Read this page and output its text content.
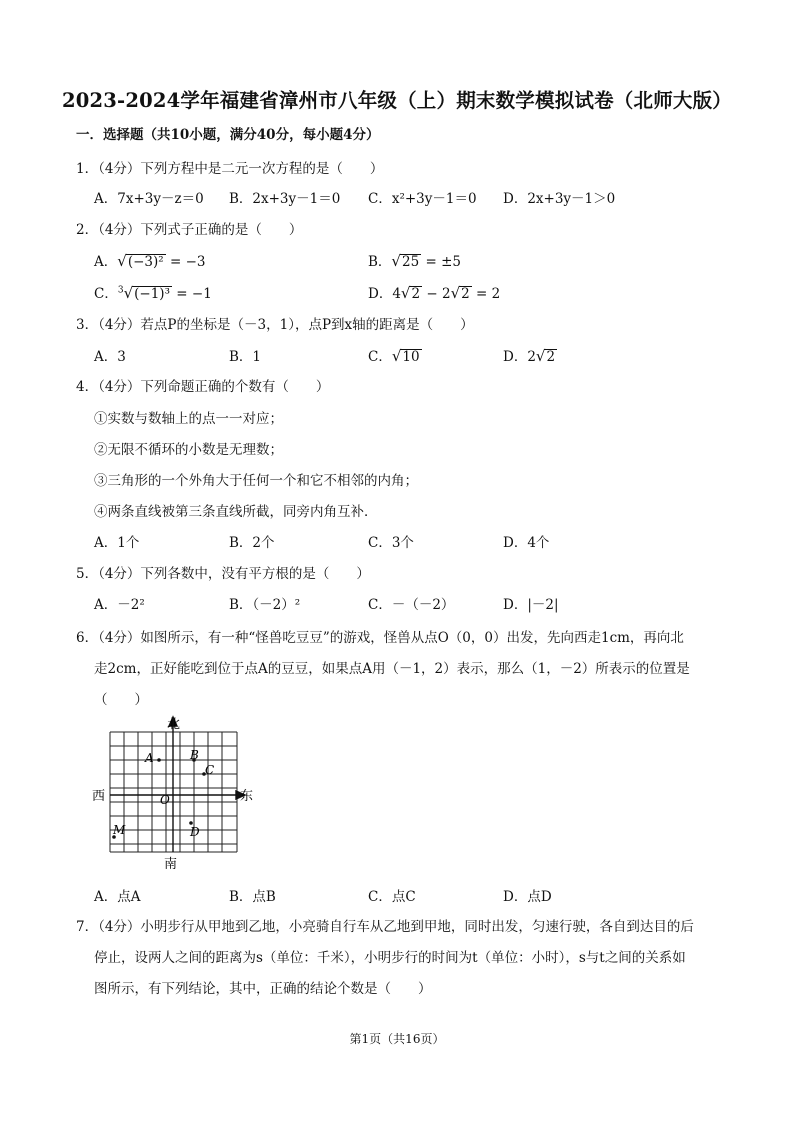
2023-2024学年福建省漳州市八年级（上）期末数学模拟试卷（北师大版）
一．选择题（共10小题，满分40分，每小题4分）
1．（4分）下列方程中是二元一次方程的是（　　）
A．7x+3y－z＝0 B．2x+3y－1＝0 C．x²+3y－1＝0 D．2x+3y－1＞0
2．（4分）下列式子正确的是（　　）
A．√(−3)² = −3	B．√25 = ±5
C．$^3$√(−1)³ = −1	D．4√2 − 2√2 = 2
3．（4分）若点P的坐标是（－3，1），点P到x轴的距离是（　　）
A．3	B．1	C．√10	D．2√2
4．（4分）下列命题正确的个数有（　　）
①实数与数轴上的点一一对应；
②无限不循环的小数是无理数；
③三角形的一个外角大于任何一个和它不相邻的内角；
④两条直线被第三条直线所截，同旁内角互补．
A．1个	B．2个	C．3个	D．4个
5．（4分）下列各数中，没有平方根的是（　　）
A．－2²	B．（－2）²	C．－（－2）	D．|－2|
6．（4分）如图所示，有一种“怪兽吃豆豆”的游戏，怪兽从点O（0，0）出发，先向西走1cm，再向北
走2cm，正好能吃到位于点A的豆豆，如果点A用（－1，2）表示，那么（1，－2）所表示的位置是
（　　）
北
南
西	东
A	B
C
O
M	D
A．点A	B．点B	C．点C	D．点D
7．（4分）小明步行从甲地到乙地，小亮骑自行车从乙地到甲地，同时出发，匀速行驶，各自到达目的后
停止，设两人之间的距离为s（单位：千米），小明步行的时间为t（单位：小时），s与t之间的关系如
图所示，有下列结论，其中，正确的结论个数是（　　）
第1页（共16页）
